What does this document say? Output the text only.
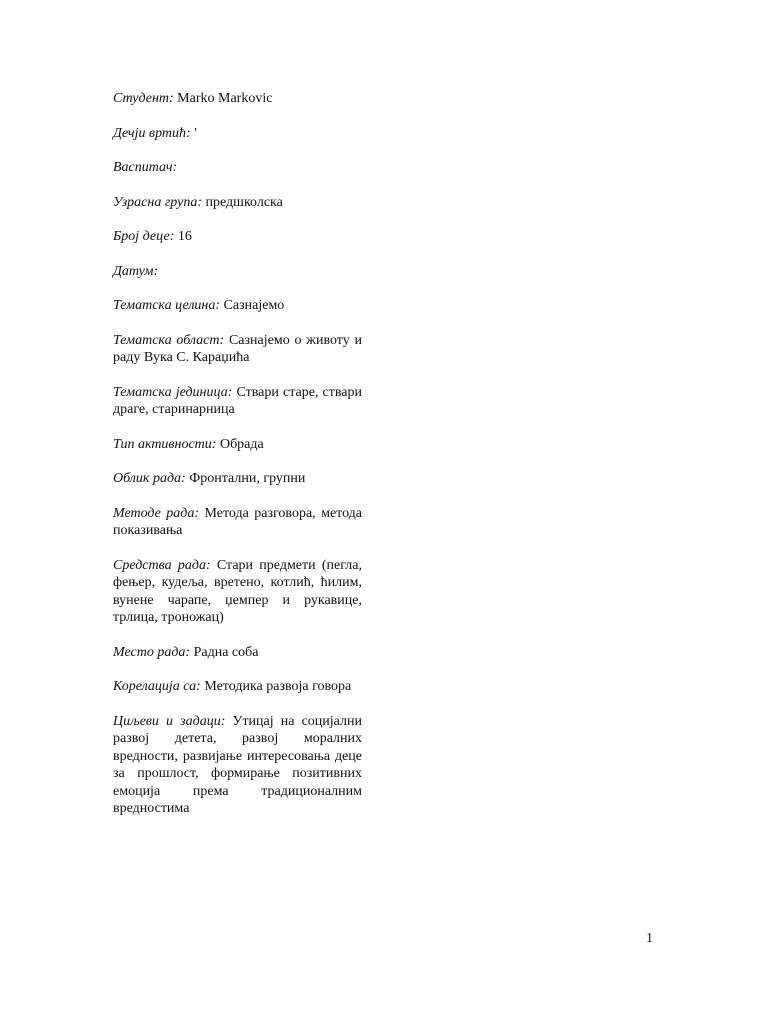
Студент: Marko Markovic

Дечји вртић: '

Васпитач:

Узрасна група: предшколска

Број деце: 16

Датум:

Тематска целина: Сазнајемо

Тематска област: Сазнајемо о животу и раду Вука С. Караџића

Тематска јединица: Ствари старе, ствари драге, старинарница

Тип активности: Обрада

Облик рада: Фронтални, групни

Методе рада: Метода разговора, метода показивања

Средства рада: Стари предмети (пегла, фењер, кудеља, вретено, котлић, ћилим, вунене чарапе, џемпер и рукавице, трлица, троножац)

Место рада: Радна соба

Корелација са: Методика развоја говора

Циљеви и задаци: Утицај на социјални развој детета, развој моралних вредности, развијање интересовања деце за прошлост, формирање позитивних емоција према традиционалним вредностима

1
